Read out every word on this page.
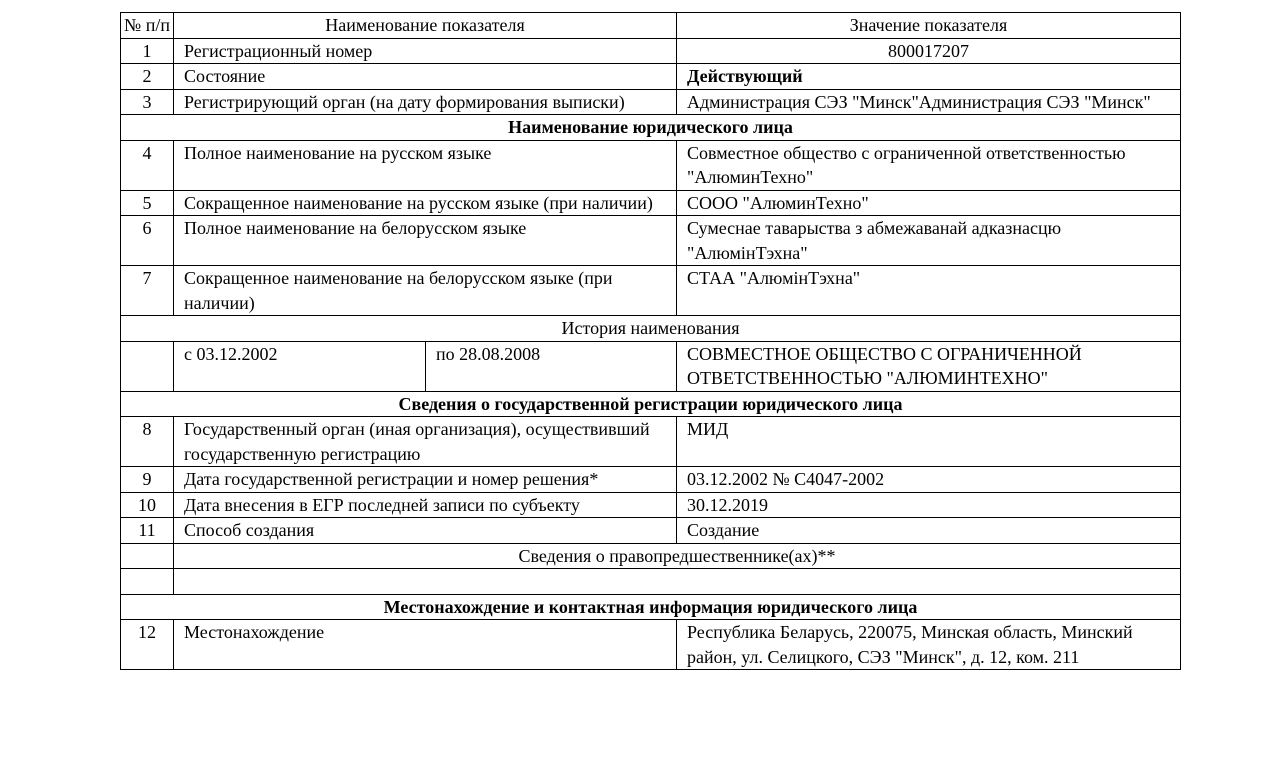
№ п/п	Наименование показателя		Значение показателя
1	Регистрационный номер		800017207
2	Состояние		Действующий
3	Регистрирующий орган (на дату формирования выписки)		Администрация СЭЗ "Минск"Администрация СЭЗ "Минск"
Наименование юридического лица			
4	Полное наименование на русском языке		Совместное общество с ограниченной ответственностью "АлюминТехно"
5	Сокращенное наименование на русском языке (при наличии)		СООО "АлюминТехно"
6	Полное наименование на белорусском языке		Сумеснае таварыства з абмежаванай адказнасцю "АлюмiнТэхна"
7	Сокращенное наименование на белорусском языке (при наличии)		СТАА "АлюмiнТэхна"
История наименования			
	с 03.12.2002	по 28.08.2008	СОВМЕСТНОЕ ОБЩЕСТВО С ОГРАНИЧЕННОЙ ОТВЕТСТВЕННОСТЬЮ "АЛЮМИНТЕХНО"
Сведения о государственной регистрации юридического лица			
8	Государственный орган (иная организация), осуществивший государственную регистрацию		МИД
9	Дата государственной регистрации и номер решения*		03.12.2002 № С4047-2002
10	Дата внесения в ЕГР последней записи по субъекту		30.12.2019
11	Способ создания		Создание
	Сведения о правопредшественнике(ах)**		

Местонахождение и контактная информация юридического лица			
12	Местонахождение		Республика Беларусь, 220075, Минская область, Минский район, ул. Селицкого, СЭЗ "Минск", д. 12, ком. 211
